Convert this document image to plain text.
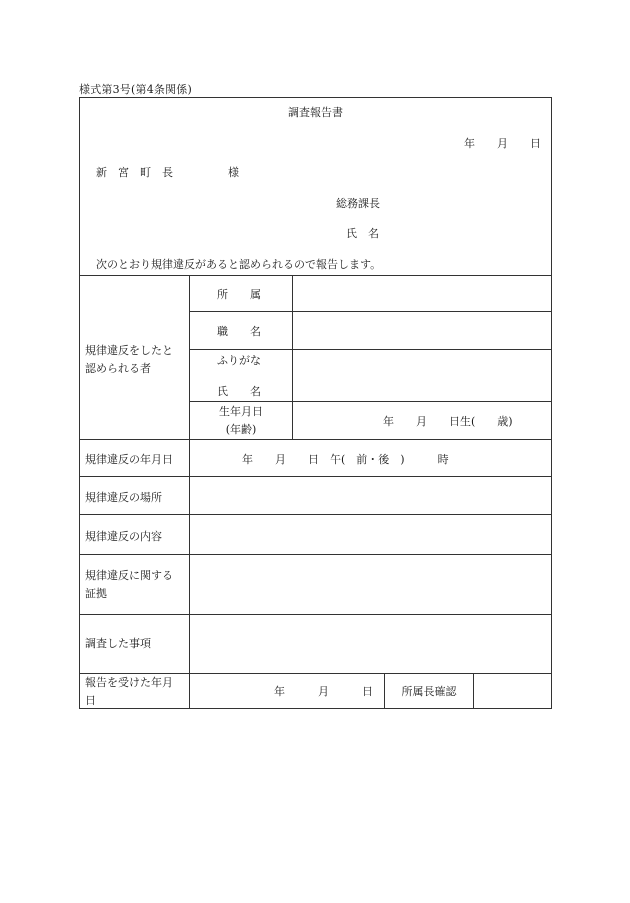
様式第3号(第4条関係)
調査報告書
年　　月　　日
新　宮　町　長　　　　　様
総務課長
氏　名
次のとおり規律違反があると認められるので報告します。
規律違反をしたと
認められる者
所　　属
職　　名
ふりがな
氏　　名
生年月日
(年齢)
年　　月　　日生(　　歳)
規律違反の年月日	年　　月　　日　午(　前・後　)　　　時
規律違反の場所
規律違反の内容
規律違反に関する
証拠
調査した事項
報告を受けた年月
日
年　　　月　　　日	所属長確認
